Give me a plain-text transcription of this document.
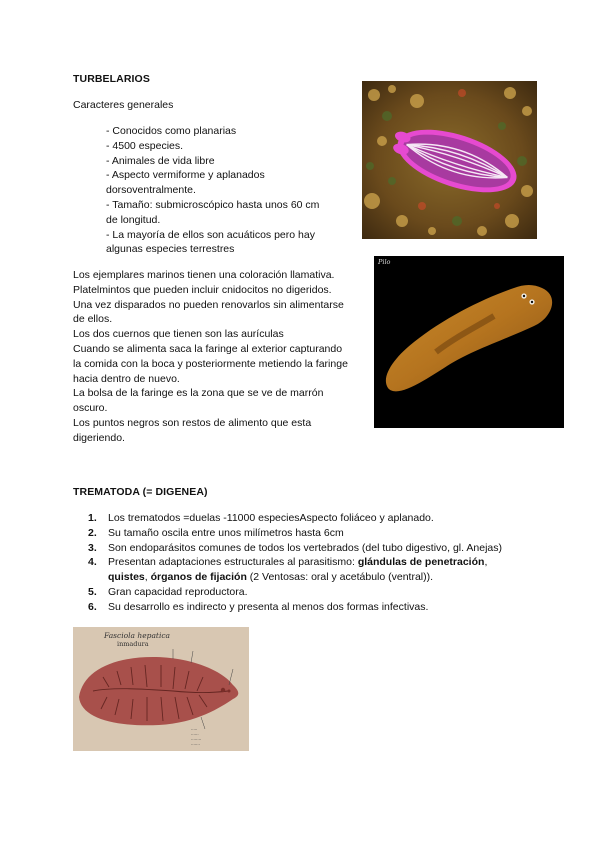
TURBELARIOS
Caracteres generales
- Conocidos como planarias
- 4500 especies.
- Animales de vida libre
- Aspecto vermiforme y aplanados
dorsoventralmente.
- Tamaño: submicroscópico hasta unos 60 cm
de longitud.
- La mayoría de ellos son acuáticos pero hay
algunas especies terrestres
Los ejemplares marinos tienen una coloración llamativa.
Platelmintos que pueden incluir cnidocitos no digeridos.
Una vez disparados no pueden renovarlos sin alimentarse
de ellos.
Los dos cuernos que tienen son las aurículas
Cuando se alimenta saca la faringe al exterior capturando
la comida con la boca y posteriormente metiendo la faringe
hacia dentro de nuevo.
La bolsa de la faringe es la zona que se ve de marrón
oscuro.
Los puntos negros son restos de alimento que esta
digeriendo.
Pilo
TREMATODA (= DIGENEA)
1. Los trematodos =duelas -11000 especiesAspecto foliáceo y aplanado.
2. Su tamaño oscila entre unos milímetros hasta 6cm
3. Son endoparásitos comunes de todos los vertebrados (del tubo digestivo, gl. Anejas)
4. Presentan adaptaciones estructurales al parasitismo: glándulas de penetración,
quistes, órganos de fijación (2 Ventosas: oral y acetábulo (ventral)).
5. Gran capacidad reproductora.
6. Su desarrollo es indirecto y presenta al menos dos formas infectivas.
·····
······
········
·······
Fasciola hepatica
inmadura
